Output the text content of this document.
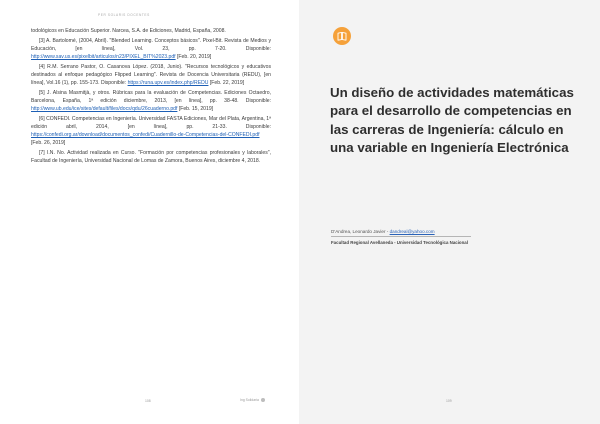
PER SOLARIS DOCENTES

todológicos en Educación Superior. Narcea, S.A. de Ediciones, Madrid, España, 2008.

[3] A. Bartolomé, (2004, Abril). "Blended Learning. Conceptos básicos". Pixel-Bit. Revista de Medios y Educación, [en línea], Vol. 23, pp. 7-20. Disponible: http://www.sav.us.es/pixelbit/articulos/n23/PIXEL_BIT%2023.pdf [Feb. 20, 2019]

[4] R.M. Serrano Pastor, O. Casanova López. (2018, Junio). "Recursos tecnológicos y educativos destinados al enfoque pedagógico Flipped Learning". Revista de Docencia Universitaria (REDU), [en línea], Vol.16 (1), pp. 155-173. Disponible: https://runa.upv.es/index.php/REDU [Feb. 22, 2019]

[5] J. Alsina Masmitjà, y otros. Rúbricas para la evaluación de Competencias. Ediciones Octaedro, Barcelona, España, 1ª edición diciembre, 2013, [en línea], pp. 38-48. Disponible: http://www.ub.edu/ice/sites/default/files/docs/qdu/26cuaderno.pdf [Feb. 15, 2019]

[6] CONFEDI. Competencias en Ingeniería. Universidad FASTA Ediciones, Mar del Plata, Argentina, 1ª edición abril, 2014, [en línea], pp. 21-33. Disponible: https://confedi.org.ar/download/documentos_confedi/Cuadernillo-de-Competencias-del-CONFEDI.pdf [Feb. 26, 2019]

[7] I.N. No. Actividad realizada en Curso. "Formación por competencias profesionales y laborales", Facultad de Ingeniería, Universidad Nacional de Lomas de Zamora, Buenos Aires, diciembre 4, 2018.

108	Ing Solidaria
Un diseño de actividades matemáticas para el desarrollo de competencias en las carreras de Ingeniería: cálculo en una variable en Ingeniería Electrónica
D'Andrea, Leonardo Javier - dandreal@yahoo.com
Facultad Regional Avellaneda - Universidad Tecnológica Nacional
109
